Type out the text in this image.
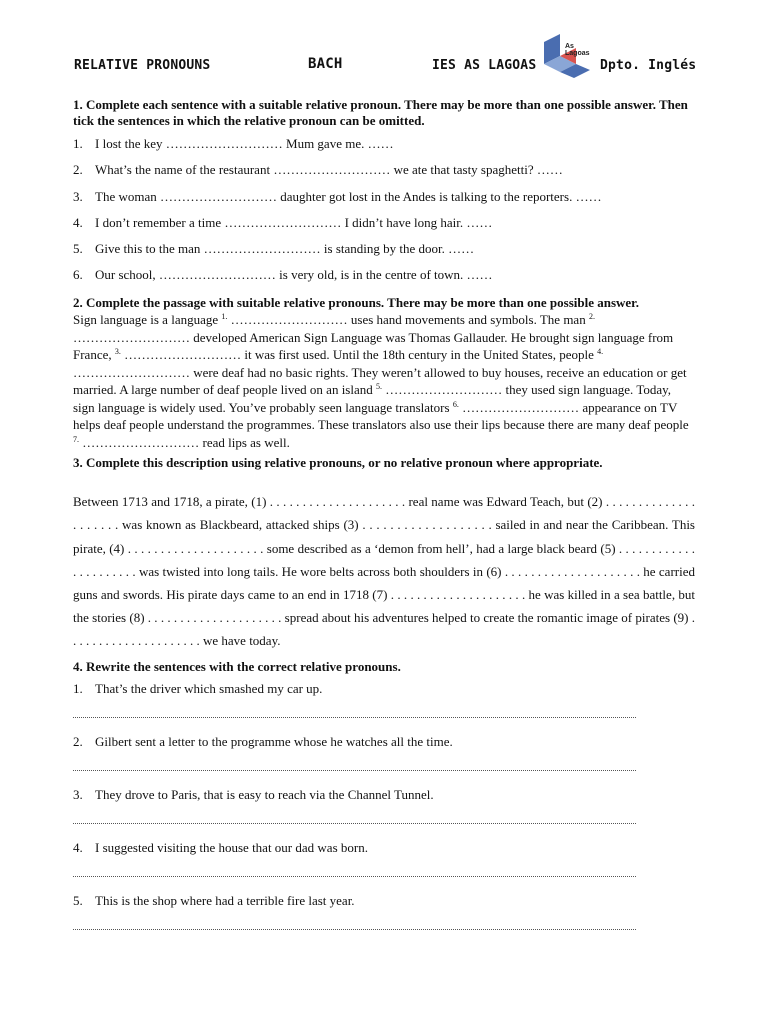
RELATIVE PRONOUNS	BACH	IES AS LAGOAS
As
Lagoas
Dpto. Inglés

1. Complete each sentence with a suitable relative pronoun. There may be more than one possible answer. Then tick the sentences in which the relative pronoun can be omitted.

1. I lost the key ……………………… Mum gave me. ……
2. What’s the name of the restaurant ……………………… we ate that tasty spaghetti? ……
3. The woman ……………………… daughter got lost in the Andes is talking to the reporters. ……
4. I don’t remember a time ……………………… I didn’t have long hair. ……
5. Give this to the man ……………………… is standing by the door. ……
6. Our school, ……………………… is very old, is in the centre of town. ……

2. Complete the passage with suitable relative pronouns. There may be more than one possible answer.

Sign language is a language $^{1.}$ ……………………… uses hand movements and symbols. The man $^{2.}$ ……………………… developed American Sign Language was Thomas Gallauder. He brought sign language from France, $^{3.}$ ……………………… it was first used. Until the 18th century in the United States, people $^{4.}$ ……………………… were deaf had no basic rights. They weren’t allowed to buy houses, receive an education or get married. A large number of deaf people lived on an island $^{5.}$ ……………………… they used sign language. Today, sign language is widely used. You’ve probably seen language translators $^{6.}$ ……………………… appearance on TV helps deaf people understand the programmes. These translators also use their lips because there are many deaf people $^{7.}$ ……………………… read lips as well.

3. Complete this description using relative pronouns, or no relative pronoun where appropriate.

Between 1713 and 1718, a pirate, (1) . . . . . . . . . . . . . . . . . . . . . real name was Edward Teach, but (2) . . . . . . . . . . . . . . . . . . . . . was known as Blackbeard, attacked ships (3) . . . . . . . . . . . . . . . . . . . sailed in and near the Caribbean. This pirate, (4) . . . . . . . . . . . . . . . . . . . . . some described as a ‘demon from hell’, had a large black beard (5) . . . . . . . . . . . . . . . . . . . . . . was twisted into long tails. He wore belts across both shoulders in (6) . . . . . . . . . . . . . . . . . . . . . he carried guns and swords. His pirate days came to an end in 1718 (7) . . . . . . . . . . . . . . . . . . . . . he was killed in a sea battle, but the stories (8) . . . . . . . . . . . . . . . . . . . . . spread about his adventures helped to create the romantic image of pirates (9) . . . . . . . . . . . . . . . . . . . . . we have today.

4. Rewrite the sentences with the correct relative pronouns.

1. That’s the driver which smashed my car up.
2. Gilbert sent a letter to the programme whose he watches all the time.
3. They drove to Paris, that is easy to reach via the Channel Tunnel.
4. I suggested visiting the house that our dad was born.
5. This is the shop where had a terrible fire last year.
